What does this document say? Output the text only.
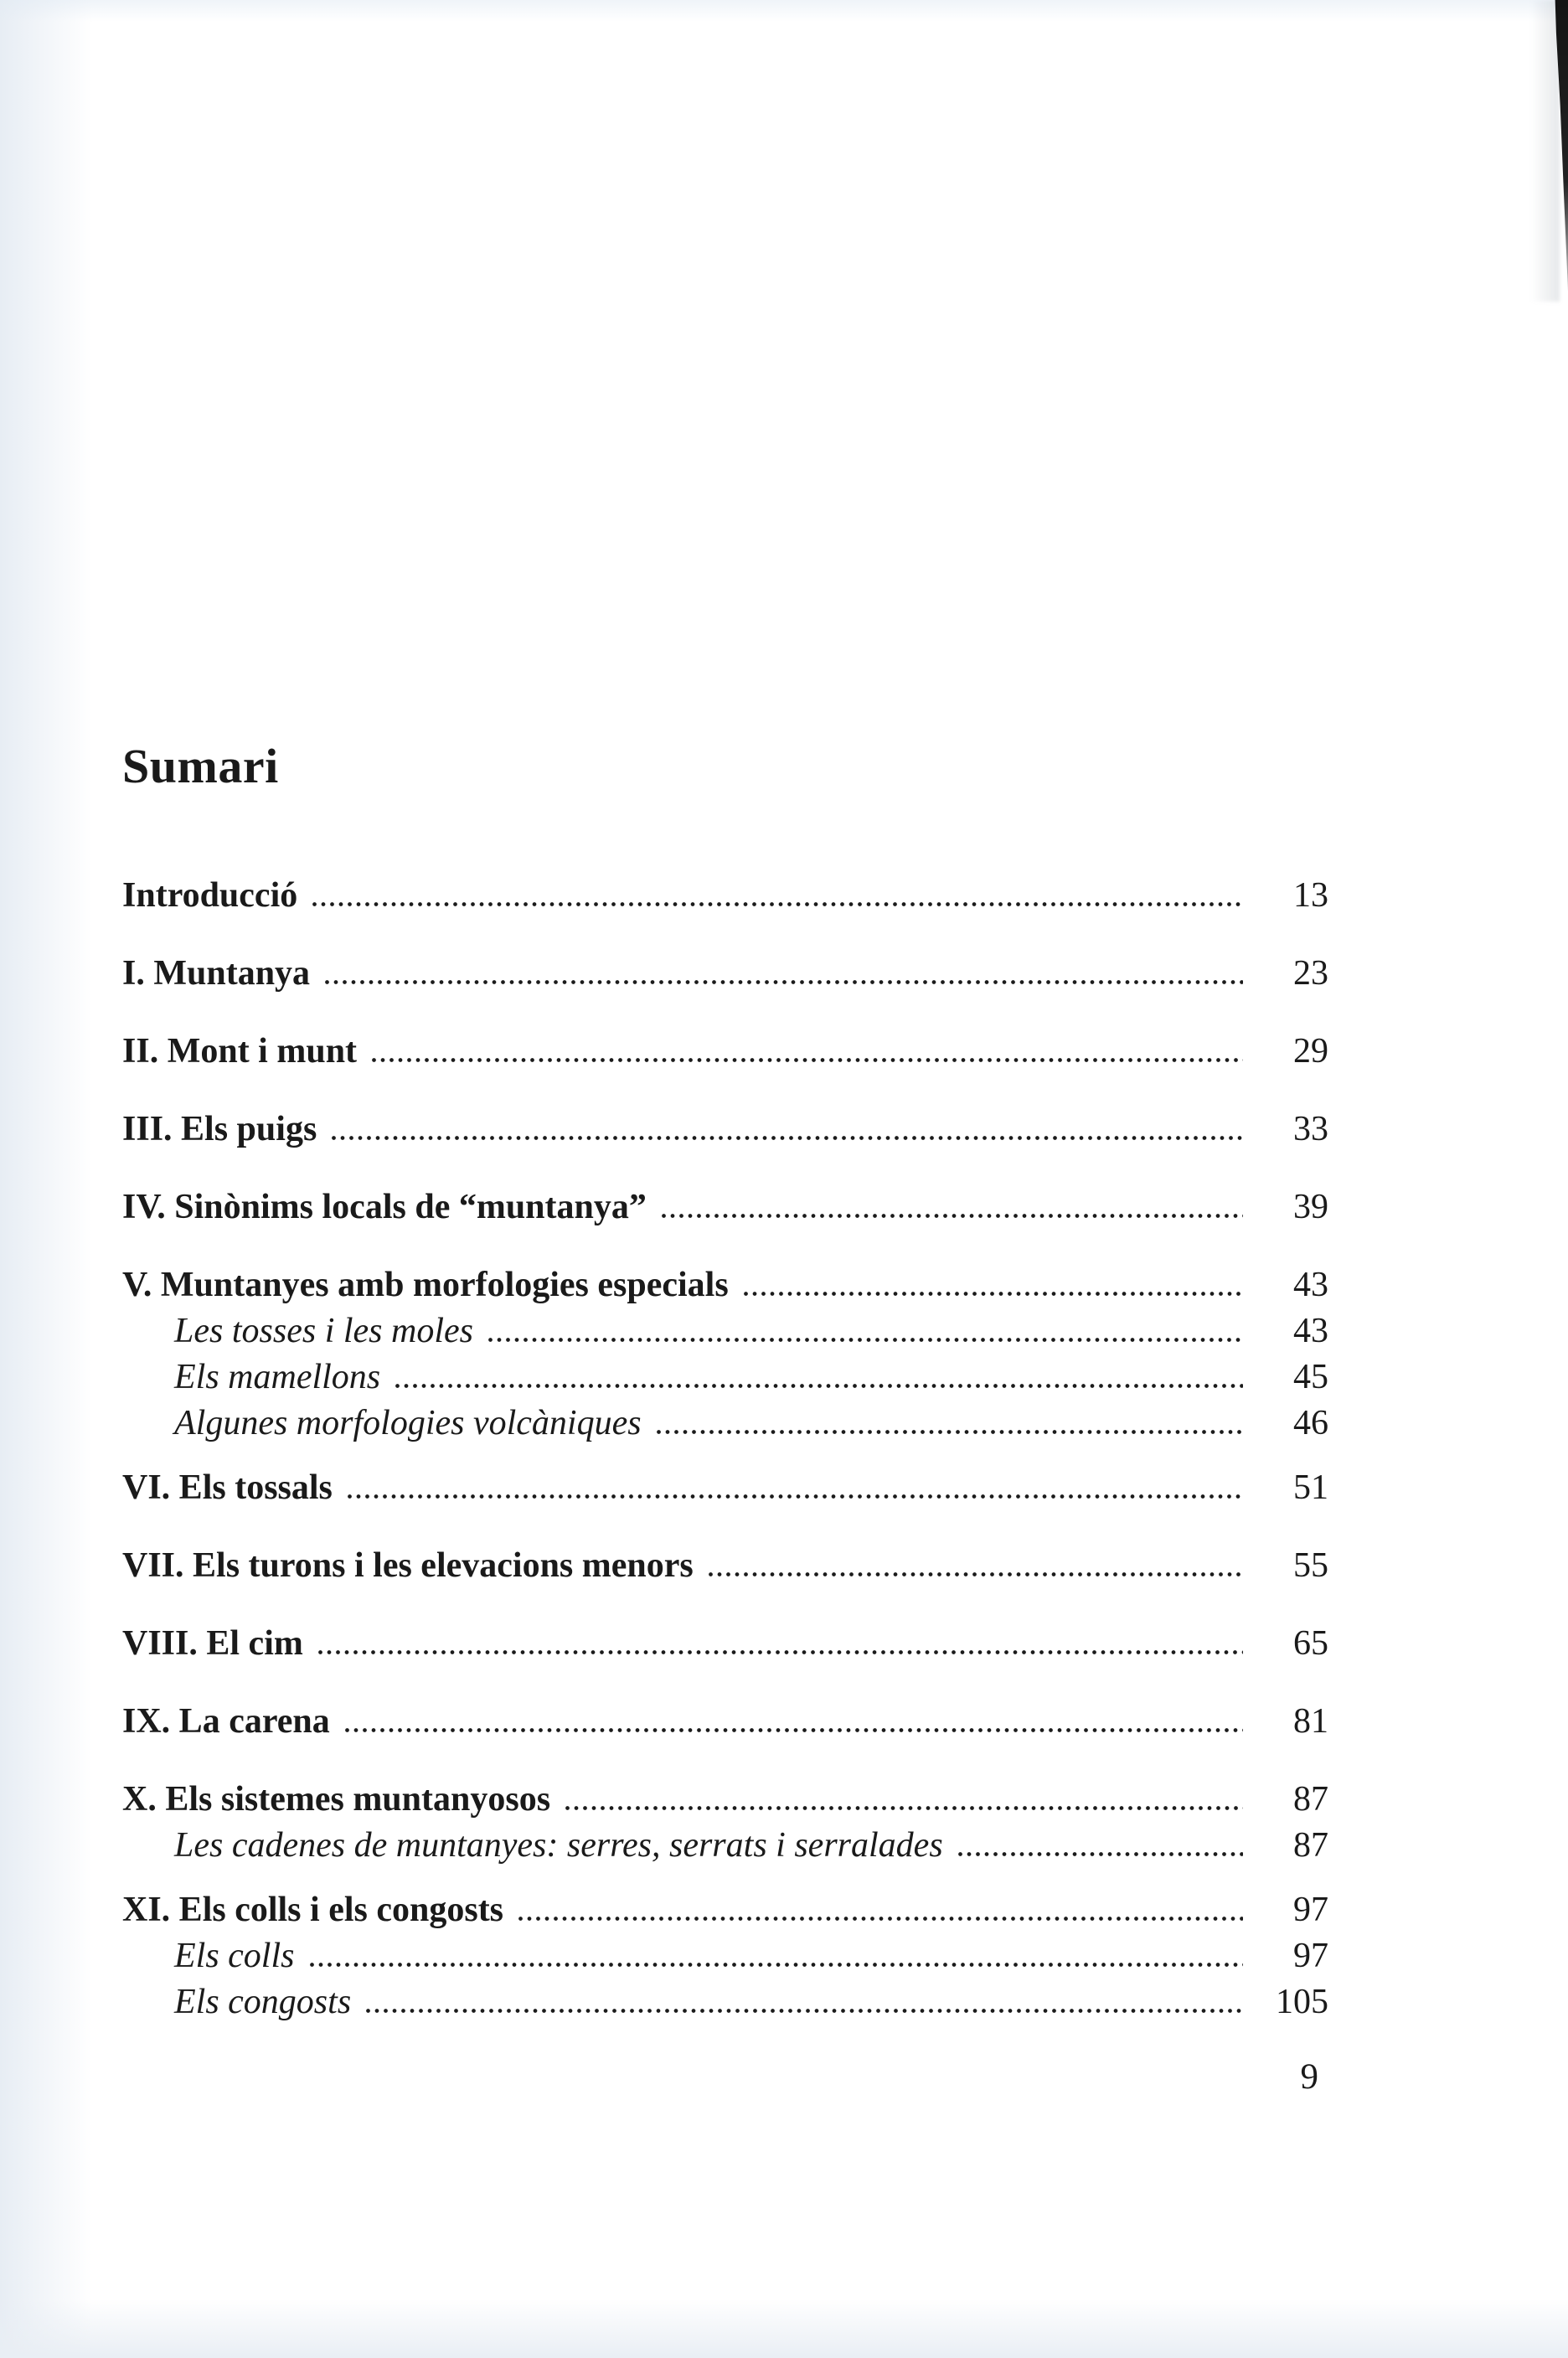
Sumari
Introducció	13
I. Muntanya	23
II. Mont i munt	29
III. Els puigs	33
IV. Sinònims locals de “muntanya”	39
V. Muntanyes amb morfologies especials	43
Les tosses i les moles	43
Els mamellons	45
Algunes morfologies volcàniques	46
VI. Els tossals	51
VII. Els turons i les elevacions menors	55
VIII. El cim	65
IX. La carena	81
X. Els sistemes muntanyosos	87
Les cadenes de muntanyes: serres, serrats i serralades	87
XI. Els colls i els congosts	97
Els colls	97
Els congosts	105
9
